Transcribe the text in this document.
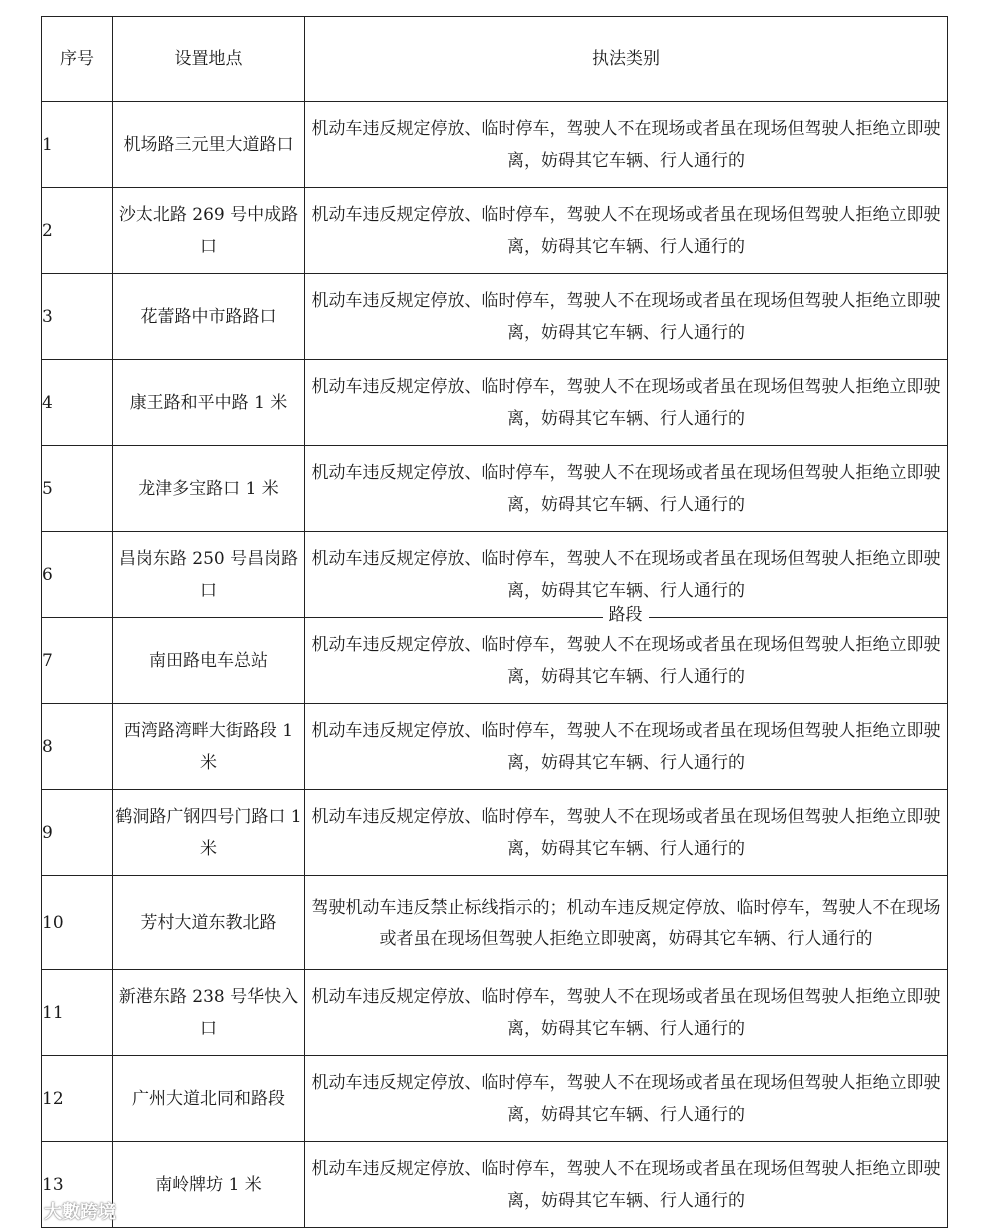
序号	设置地点	执法类别
1	机场路三元里大道路口	机动车违反规定停放、临时停车，驾驶人不在现场或者虽在现场但驾驶人拒绝立即驶离，妨碍其它车辆、行人通行的
2	沙太北路 269 号中成路口	机动车违反规定停放、临时停车，驾驶人不在现场或者虽在现场但驾驶人拒绝立即驶离，妨碍其它车辆、行人通行的
3	花蕾路中市路路口	机动车违反规定停放、临时停车，驾驶人不在现场或者虽在现场但驾驶人拒绝立即驶离，妨碍其它车辆、行人通行的
4	康王路和平中路 1 米	机动车违反规定停放、临时停车，驾驶人不在现场或者虽在现场但驾驶人拒绝立即驶离，妨碍其它车辆、行人通行的
5	龙津多宝路口 1 米	机动车违反规定停放、临时停车，驾驶人不在现场或者虽在现场但驾驶人拒绝立即驶离，妨碍其它车辆、行人通行的
6	昌岗东路 250 号昌岗路口	机动车违反规定停放、临时停车，驾驶人不在现场或者虽在现场但驾驶人拒绝立即驶离，妨碍其它车辆、行人通行的
7	南田路电车总站	机动车违反规定停放、临时停车，驾驶人不在现场或者虽在现场但驾驶人拒绝立即驶离，妨碍其它车辆、行人通行的
8	西湾路湾畔大街路段 1 米	机动车违反规定停放、临时停车，驾驶人不在现场或者虽在现场但驾驶人拒绝立即驶离，妨碍其它车辆、行人通行的
9	鹤洞路广钢四号门路口 1 米	机动车违反规定停放、临时停车，驾驶人不在现场或者虽在现场但驾驶人拒绝立即驶离，妨碍其它车辆、行人通行的
10	芳村大道东教北路	驾驶机动车违反禁止标线指示的；机动车违反规定停放、临时停车，驾驶人不在现场或者虽在现场但驾驶人拒绝立即驶离，妨碍其它车辆、行人通行的
11	新港东路 238 号华快入口	机动车违反规定停放、临时停车，驾驶人不在现场或者虽在现场但驾驶人拒绝立即驶离，妨碍其它车辆、行人通行的
12	广州大道北同和路段	机动车违反规定停放、临时停车，驾驶人不在现场或者虽在现场但驾驶人拒绝立即驶离，妨碍其它车辆、行人通行的
13	南岭牌坊 1 米	机动车违反规定停放、临时停车，驾驶人不在现场或者虽在现场但驾驶人拒绝立即驶离，妨碍其它车辆、行人通行的
路段
大數跨境
